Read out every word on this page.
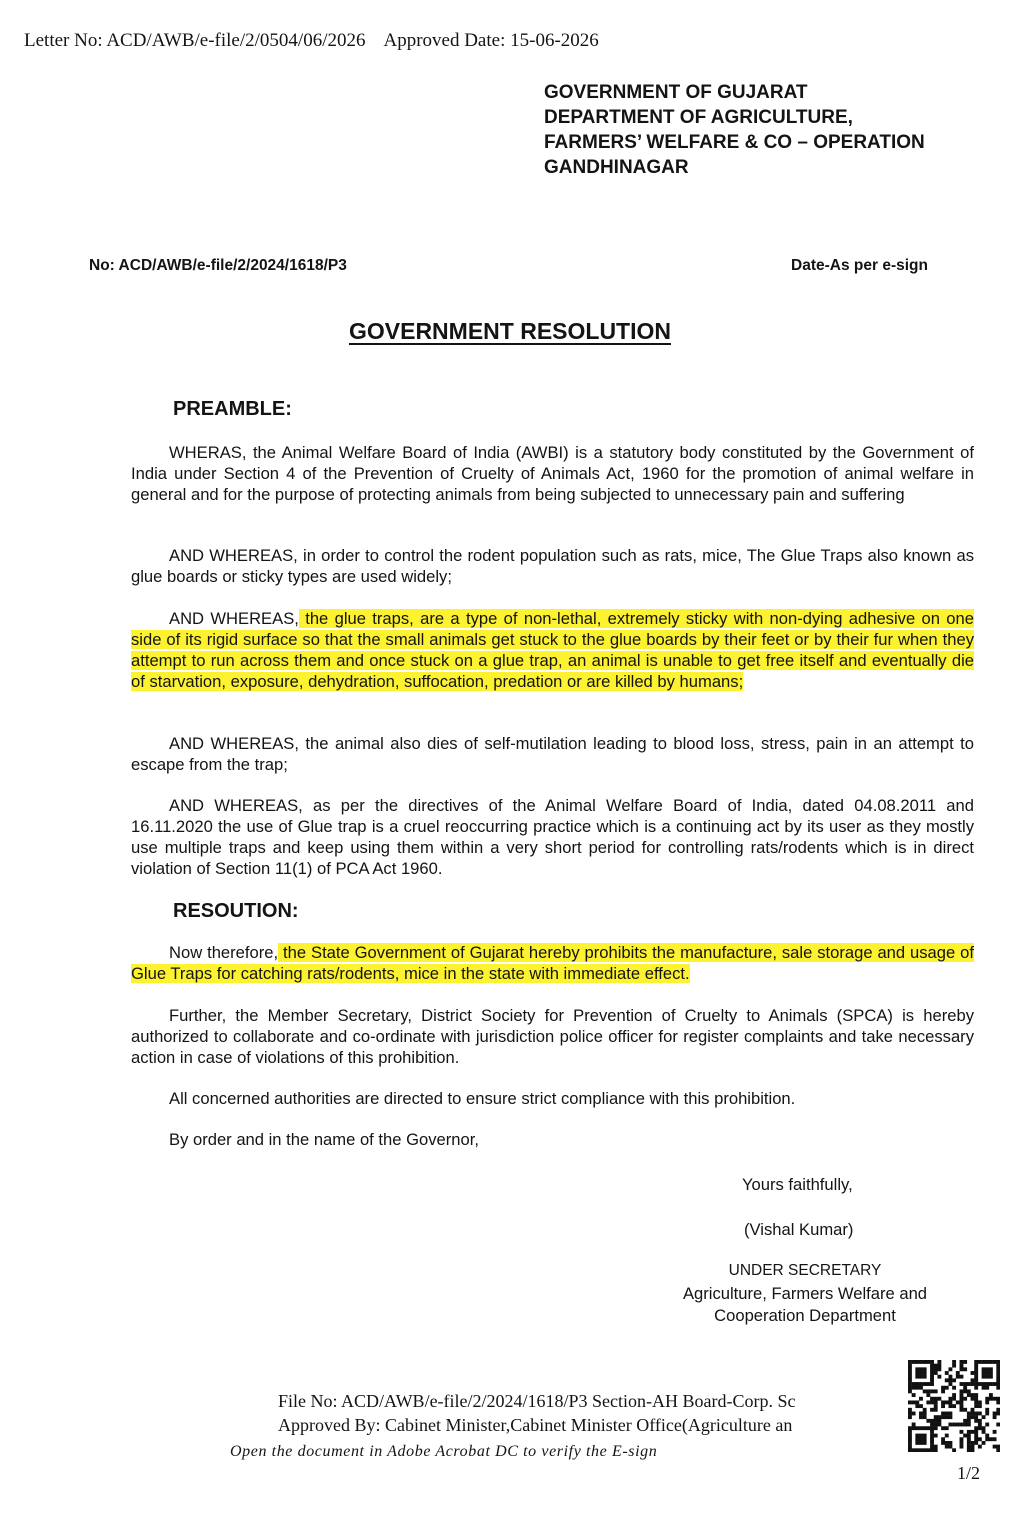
Letter No: ACD/AWB/e-file/2/0504/06/2026 Approved Date: 15-06-2026
GOVERNMENT OF GUJARAT
DEPARTMENT OF AGRICULTURE,
FARMERS’ WELFARE & CO – OPERATION
GANDHINAGAR
No: ACD/AWB/e-file/2/2024/1618/P3	Date-As per e-sign
GOVERNMENT RESOLUTION
PREAMBLE:

WHERAS, the Animal Welfare Board of India (AWBI) is a statutory body constituted by the Government of India under Section 4 of the Prevention of Cruelty of Animals Act, 1960 for the promotion of animal welfare in general and for the purpose of protecting animals from being subjected to unnecessary pain and suffering

AND WHEREAS, in order to control the rodent population such as rats, mice, The Glue Traps also known as glue boards or sticky types are used widely;

AND WHEREAS, the glue traps, are a type of non-lethal, extremely sticky with non-dying adhesive on one side of its rigid surface so that the small animals get stuck to the glue boards by their feet or by their fur when they attempt to run across them and once stuck on a glue trap, an animal is unable to get free itself and eventually die of starvation, exposure, dehydration, suffocation, predation or are killed by humans;

AND WHEREAS, the animal also dies of self-mutilation leading to blood loss, stress, pain in an attempt to escape from the trap;

AND WHEREAS, as per the directives of the Animal Welfare Board of India, dated 04.08.2011 and 16.11.2020 the use of Glue trap is a cruel reoccurring practice which is a continuing act by its user as they mostly use multiple traps and keep using them within a very short period for controlling rats/rodents which is in direct violation of Section 11(1) of PCA Act 1960.

RESOUTION:

Now therefore, the State Government of Gujarat hereby prohibits the manufacture, sale storage and usage of Glue Traps for catching rats/rodents, mice in the state with immediate effect.

Further, the Member Secretary, District Society for Prevention of Cruelty to Animals (SPCA) is hereby authorized to collaborate and co-ordinate with jurisdiction police officer for register complaints and take necessary action in case of violations of this prohibition.

All concerned authorities are directed to ensure strict compliance with this prohibition.

By order and in the name of the Governor,

Yours faithfully,
(Vishal Kumar)
UNDER SECRETARY
Agriculture, Farmers Welfare and
Cooperation Department
File No: ACD/AWB/e-file/2/2024/1618/P3 Section-AH Board-Corp. Sc
Approved By: Cabinet Minister,Cabinet Minister Office(Agriculture an
Open the document in Adobe Acrobat DC to verify the E-sign
1/2
